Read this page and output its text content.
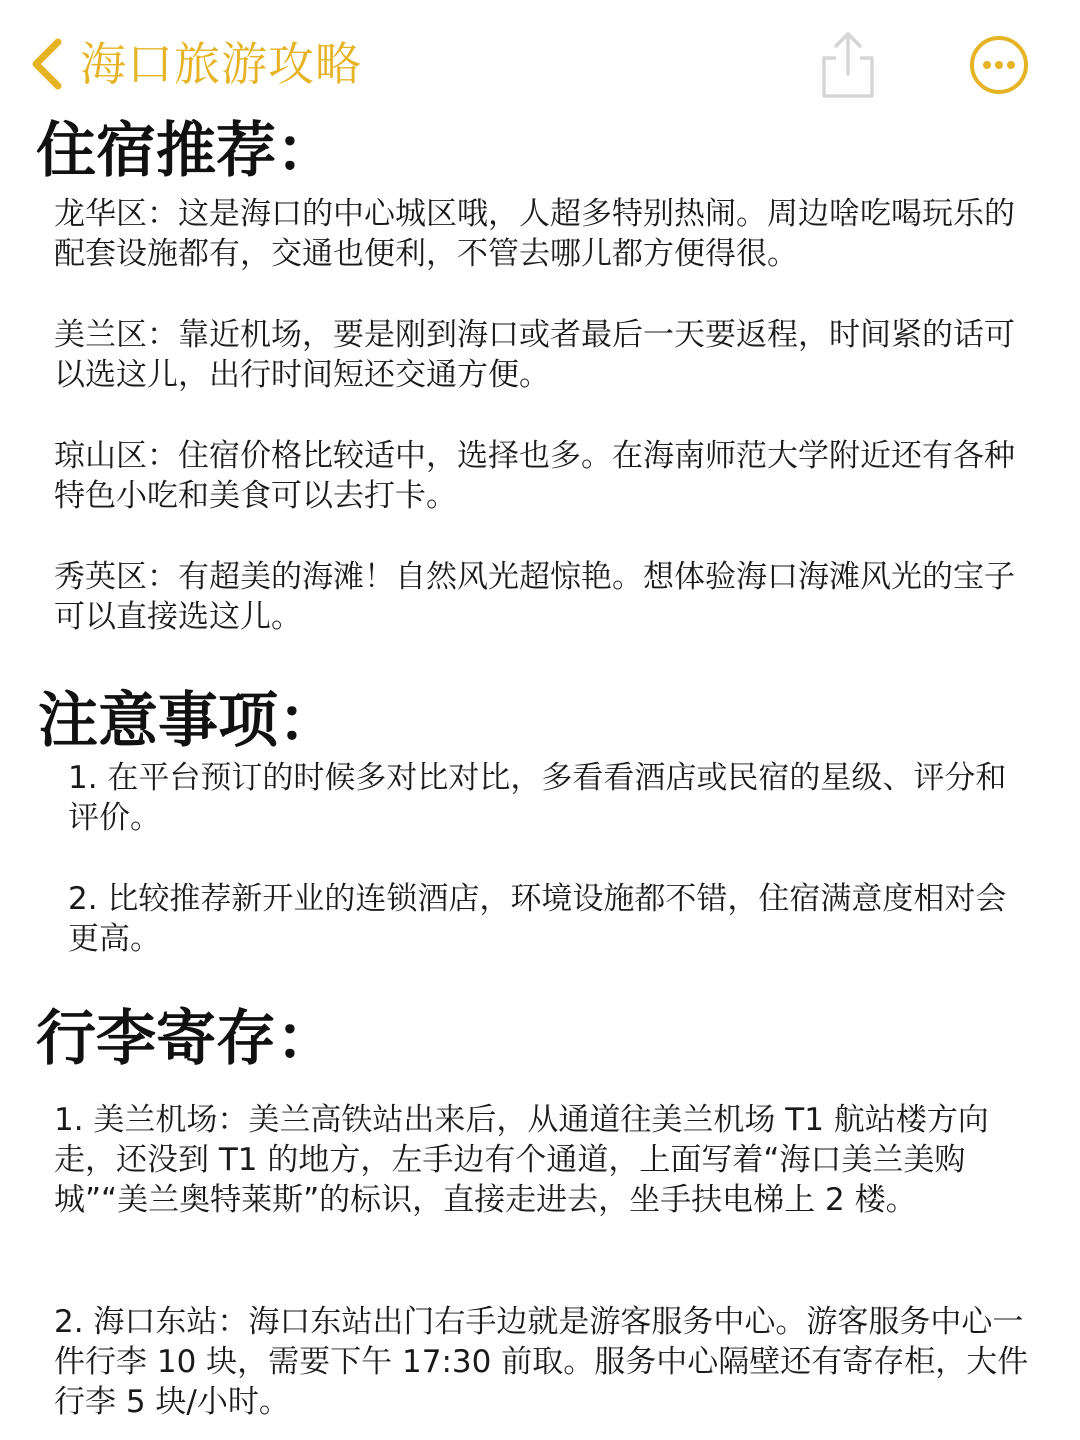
海口旅游攻略
住宿推荐：

龙华区：这是海口的中心城区哦，人超多特别热闹。周边啥吃喝玩乐的配套设施都有，交通也便利，不管去哪儿都方便得很。

美兰区：靠近机场，要是刚到海口或者最后一天要返程，时间紧的话可以选这儿，出行时间短还交通方便。

琼山区：住宿价格比较适中，选择也多。在海南师范大学附近还有各种特色小吃和美食可以去打卡。

秀英区：有超美的海滩！自然风光超惊艳。想体验海口海滩风光的宝子可以直接选这儿。

注意事项：

1. 在平台预订的时候多对比对比，多看看酒店或民宿的星级、评分和评价。

2. 比较推荐新开业的连锁酒店，环境设施都不错，住宿满意度相对会更高。

行李寄存：

1. 美兰机场：美兰高铁站出来后，从通道往美兰机场 T1 航站楼方向走，还没到 T1 的地方，左手边有个通道，上面写着“海口美兰美购城”“美兰奥特莱斯”的标识，直接走进去，坐手扶电梯上 2 楼。

2. 海口东站：海口东站出门右手边就是游客服务中心。游客服务中心一件行李 10 块，需要下午 17:30 前取。服务中心隔壁还有寄存柜，大件行李 5 块/小时。
